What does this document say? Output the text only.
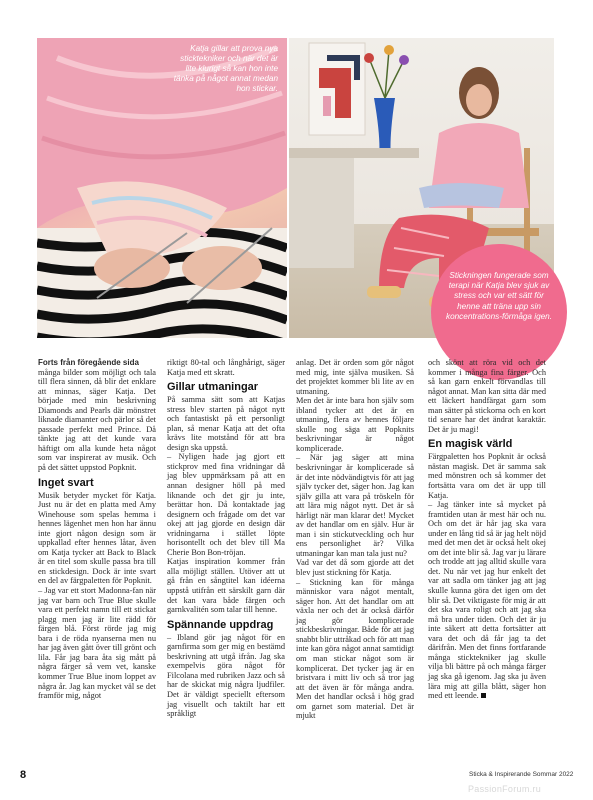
Katja gillar att prova nya sticktekniker och när det är lite klurigt så kan hon inte tänka på något annat medan hon stickar.

Stickningen fungerade som terapi när Katja blev sjuk av stress och var ett sätt för henne att träna upp sin koncentrations-förmåga igen.

Forts från föregående sida

många bilder som möjligt och tala till flera sinnen, då blir det enklare att minnas, säger Katja. Det började med min beskrivning Diamonds and Pearls där mönstret liknade diamanter och pärlor så det passade perfekt med Prince. Då tänkte jag att det kunde vara häftigt om alla kunde heta något som var inspirerat av musik. Och på det sättet uppstod Popknit.

Inget svart

Musik betyder mycket för Katja. Just nu är det en platta med Amy Winehouse som spelas hemma i hennes lägenhet men hon har ännu inte gjort någon design som är uppkallad efter hennes låtar, även om Katja tycker att Back to Black är en titel som skulle passa bra till en stickdesign. Dock är inte svart en del av färgpaletten för Popknit.

– Jag var ett stort Madonna-fan när jag var barn och True Blue skulle vara ett perfekt namn till ett stickat plagg men jag är lite rädd för färgen blå. Först rörde jag mig bara i de röda nyanserna men nu har jag även gått över till grönt och lila. Får jag bara åta sig mått på några färger så vem vet, kanske kommer True Blue inom loppet av några år. Jag kan mycket väl se det framför mig, något

riktigt 80-tal och långhårigt, säger Katja med ett skratt.

Gillar utmaningar

På samma sätt som att Katjas stress blev starten på något nytt och fantastiskt på ett personligt plan, så menar Katja att det ofta krävs lite motstånd för att bra design ska uppstå.

– Nyligen hade jag gjort ett stickprov med fina vridningar då jag blev uppmärksam på att en annan designer höll på med liknande och det gjr ju inte, berättar hon. Då kontaktade jag designern och frågade om det var okej att jag gjorde en design där vridningarna i stället löpte horisontellt och det blev till Ma Cherie Bon Bon-tröjan.

Katjas inspiration kommer från alla möjligt ställen. Utöver att ut gå från en sångtitel kan idéerna uppstå utifrån ett särskilt garn där det kan vara både färgen och garnkvalitén som talar till henne.

Spännande uppdrag

– Ibland gör jag något för en garnfirma som ger mig en bestämd beskrivning att utgå ifrån. Jag ska exempelvis göra något för Filcolana med rubriken Jazz och så har de skickat mig några ljudfiler. Det är väldigt speciellt eftersom jag visuellt och taktilt har ett språkligt

anlag. Det är orden som gör något med mig, inte själva musiken. Så det projektet kommer bli lite av en utmaning.

Men det är inte bara hon själv som ibland tycker att det är en utmaning, flera av hennes följare skulle nog säga att Popknits beskrivningar är något komplicerade.

– När jag säger att mina beskrivningar är komplicerade så är det inte nödvändigtvis för att jag själv tycker det, säger hon. Jag kan själv gilla att vara på tröskeln för att lära mig något nytt. Det är så härligt när man klarar det! Mycket av det handlar om en själv. Hur är man i sin stickutveckling och hur ens personlighet är? Vilka utmaningar kan man tala just nu?

Vad var det då som gjorde att det blev just stickning för Katja.

– Stickning kan för många människor vara något mentalt, säger hon. Att det handlar om att växla ner och det är också därför jag gör komplicerade stickbeskrivningar. Både för att jag snabbt blir uttråkad och för att man inte kan göra något annat samtidigt om man stickar något som är komplicerat. Det tycker jag är en bristvara i mitt liv och så tror jag att det även är för många andra. Men det handlar också i hög grad om garnet som material. Det är mjukt

och skönt att röra vid och det kommer i många fina färger. Och så kan garn enkelt förvandlas till något annat. Man kan sitta där med ett läckert handfärgat garn som man sätter på stickorna och en kort tid senare har det ändrat karaktär. Det är ju magi!

En magisk värld

Färgpaletten hos Popknit är också nästan magisk. Det är samma sak med mönstren och så kommer det fortsätta vara om det är upp till Katja.

– Jag tänker inte så mycket på framtiden utan är mest här och nu. Och om det är hår jag ska vara under en lång tid så är jag helt nöjd med det men det är också helt okej om det inte blir så. Jag var ju lärare och trodde att jag alltid skulle vara det. Nu när vet jag hur enkelt det var att sadla om tänker jag att jag skulle kunna göra det igen om det blir så. Det viktigaste för mig är att det ska vara roligt och att jag ska må bra under tiden. Och det är ju inte säkert att detta fortsätter att vara det och då får jag ta det därifrån. Men det finns fortfarande många sticktekniker jag skulle vilja bli bättre på och många färger jag ska gå igenom. Jag ska ju även lära mig att gilla blått, säger hon med ett leende.

8	Sticka & Inspirerande Sommar 2022
PassionForum.ru
